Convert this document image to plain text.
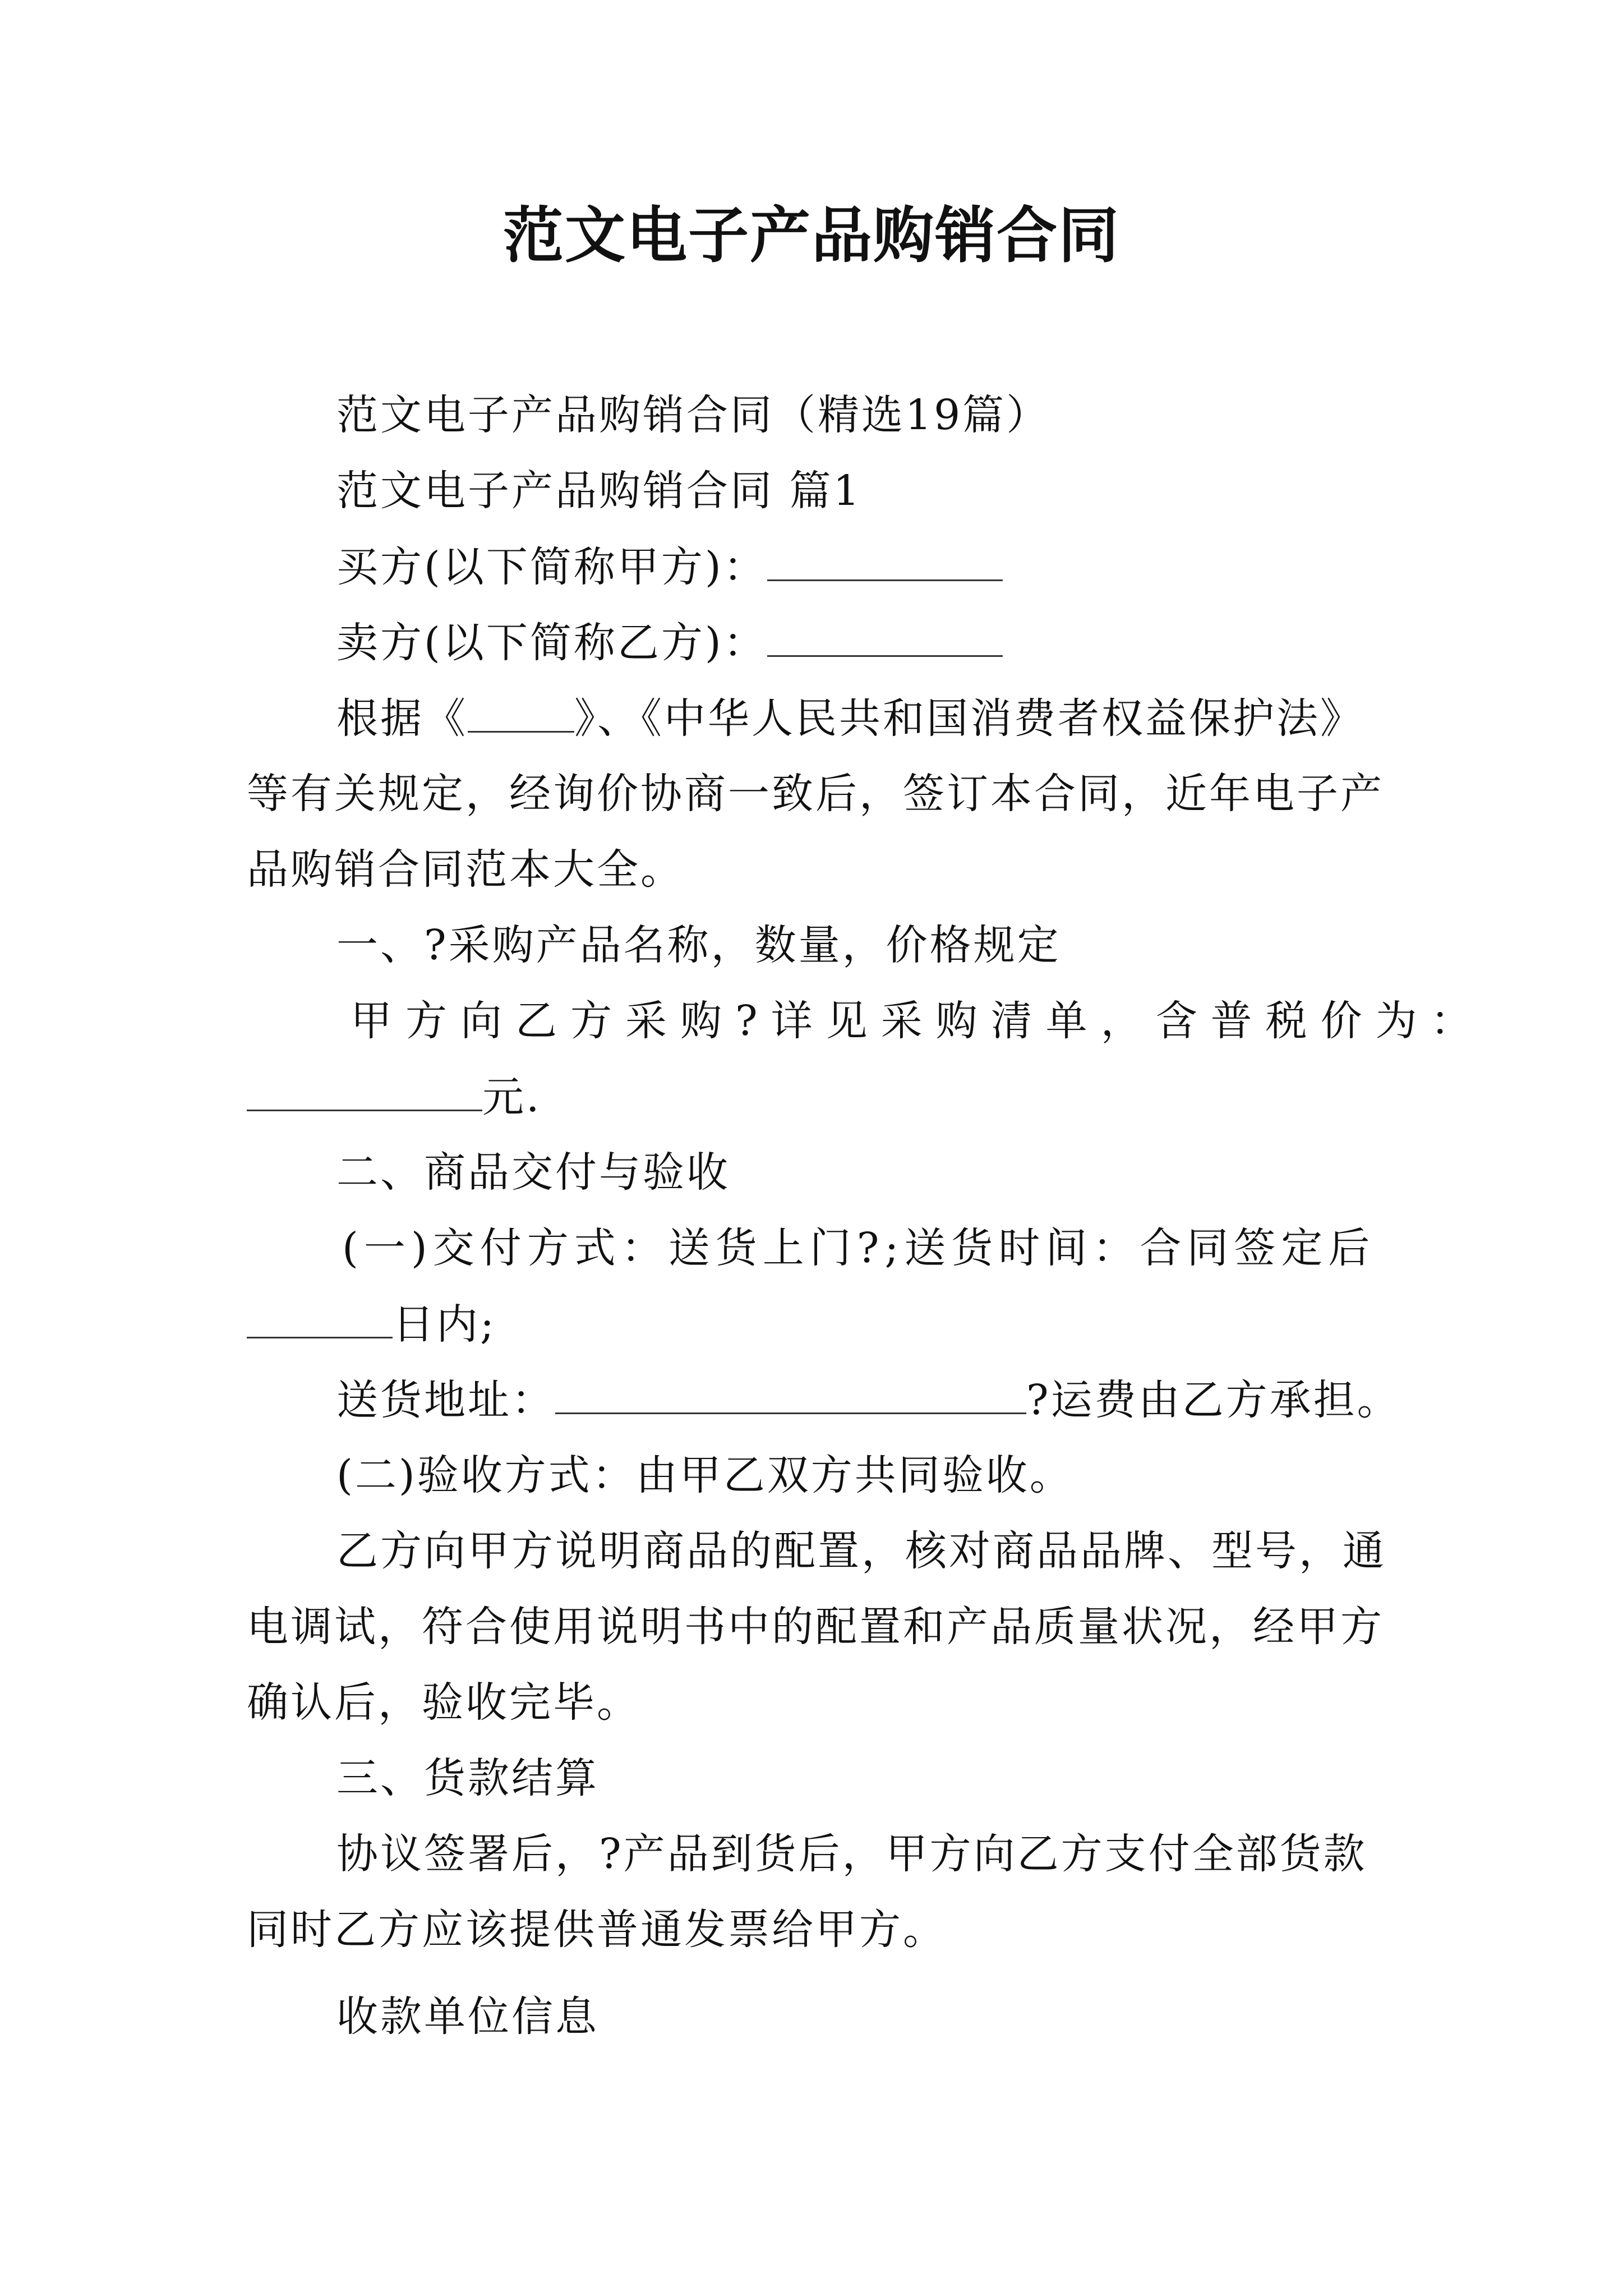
范文电子产品购销合同
范文电子产品购销合同（精选19篇）
范文电子产品购销合同 篇1
买方(以下简称甲方)：
卖方(以下简称乙方)：
根据《	》、《中华人民共和国消费者权益保护法》
等有关规定，经询价协商一致后，签订本合同，近年电子产
品购销合同范本大全。
一、?采购产品名称，数量，价格规定
甲方向乙方采购?详见采购清单，含普税价为：
元.
二、商品交付与验收
(一)交付方式：送货上门?;送货时间：合同签定后
日内;
送货地址：	?运费由乙方承担。
(二)验收方式：由甲乙双方共同验收。
乙方向甲方说明商品的配置，核对商品品牌、型号，通
电调试，符合使用说明书中的配置和产品质量状况，经甲方
确认后，验收完毕。
三、货款结算
协议签署后，?产品到货后，甲方向乙方支付全部货款
同时乙方应该提供普通发票给甲方。
收款单位信息
